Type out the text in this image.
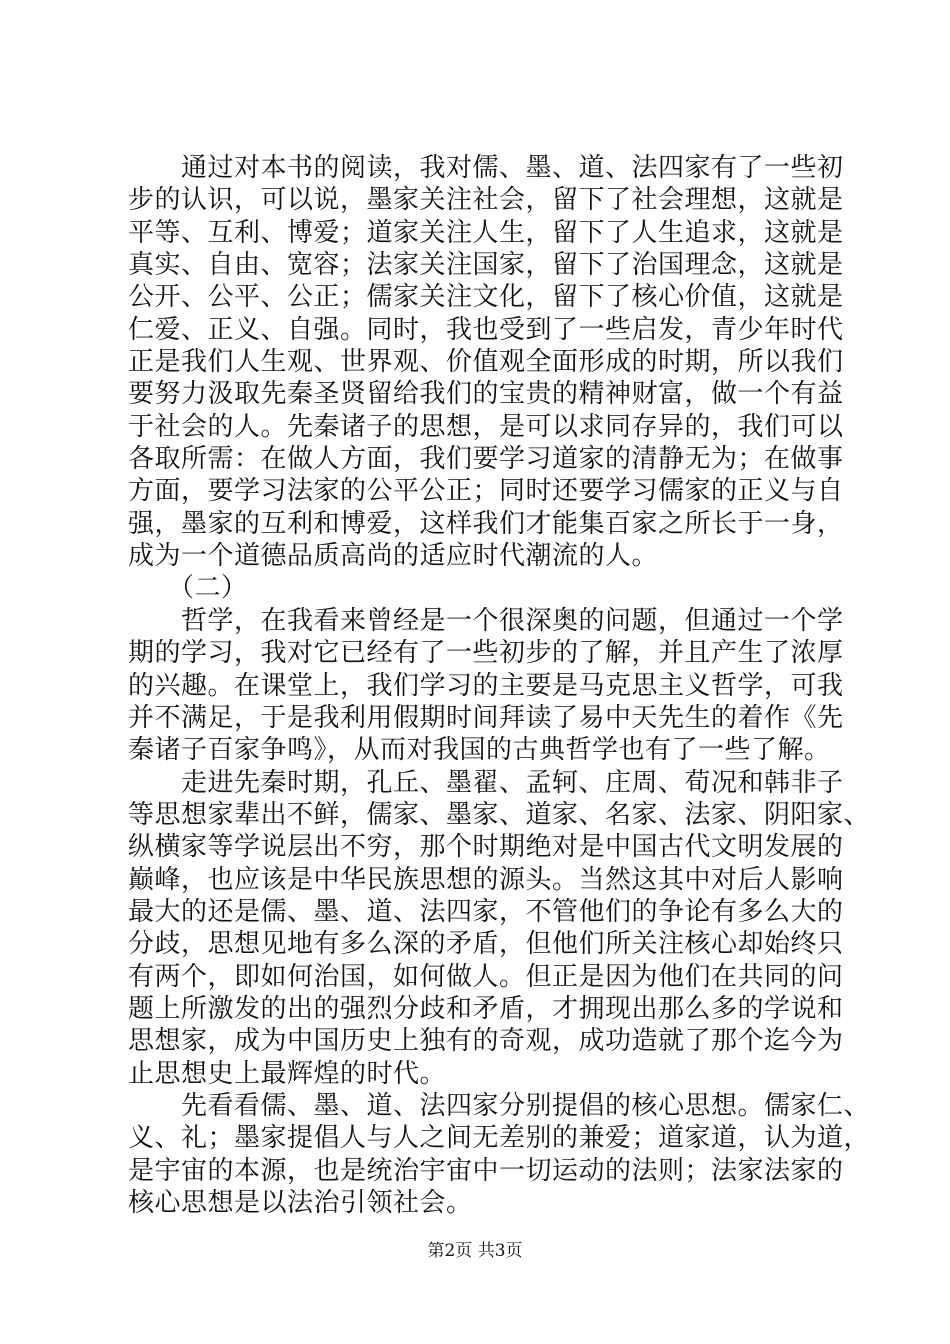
　　通过对本书的阅读，我对儒、墨、道、法四家有了一些初
步的认识，可以说，墨家关注社会，留下了社会理想，这就是
平等、互利、博爱；道家关注人生，留下了人生追求，这就是
真实、自由、宽容；法家关注国家，留下了治国理念，这就是
公开、公平、公正；儒家关注文化，留下了核心价值，这就是
仁爱、正义、自强。同时，我也受到了一些启发，青少年时代
正是我们人生观、世界观、价值观全面形成的时期，所以我们
要努力汲取先秦圣贤留给我们的宝贵的精神财富，做一个有益
于社会的人。先秦诸子的思想，是可以求同存异的，我们可以
各取所需：在做人方面，我们要学习道家的清静无为；在做事
方面，要学习法家的公平公正；同时还要学习儒家的正义与自
强，墨家的互利和博爱，这样我们才能集百家之所长于一身，
成为一个道德品质高尚的适应时代潮流的人。
　　（二）
　　哲学，在我看来曾经是一个很深奥的问题，但通过一个学
期的学习，我对它已经有了一些初步的了解，并且产生了浓厚
的兴趣。在课堂上，我们学习的主要是马克思主义哲学，可我
并不满足，于是我利用假期时间拜读了易中天先生的着作《先
秦诸子百家争鸣》，从而对我国的古典哲学也有了一些了解。
　　走进先秦时期，孔丘、墨翟、孟轲、庄周、荀况和韩非子
等思想家辈出不鲜，儒家、墨家、道家、名家、法家、阴阳家、
纵横家等学说层出不穷，那个时期绝对是中国古代文明发展的
巅峰，也应该是中华民族思想的源头。当然这其中对后人影响
最大的还是儒、墨、道、法四家，不管他们的争论有多么大的
分歧，思想见地有多么深的矛盾，但他们所关注核心却始终只
有两个，即如何治国，如何做人。但正是因为他们在共同的问
题上所激发的出的强烈分歧和矛盾，才拥现出那么多的学说和
思想家，成为中国历史上独有的奇观，成功造就了那个迄今为
止思想史上最辉煌的时代。
　　先看看儒、墨、道、法四家分别提倡的核心思想。儒家仁、
义、礼；墨家提倡人与人之间无差别的兼爱；道家道，认为道，
是宇宙的本源，也是统治宇宙中一切运动的法则；法家法家的
核心思想是以法治引领社会。
第2页 共3页
